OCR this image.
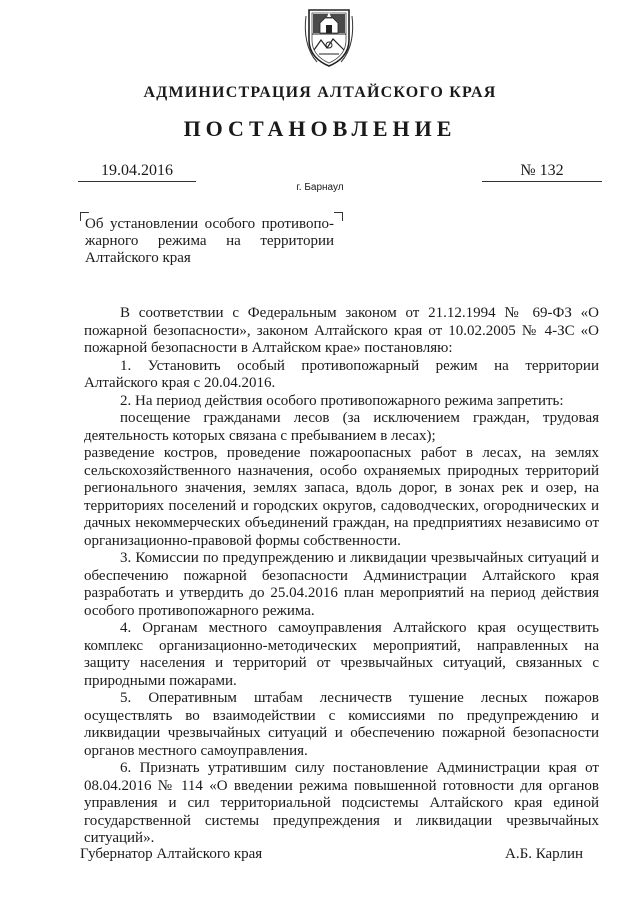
АДМИНИСТРАЦИЯ АЛТАЙСКОГО КРАЯ
ПОСТАНОВЛЕНИЕ
19.04.2016	№ 132
г. Барнаул
Об установлении особого противопо-
жарного режима на территории
Алтайского края

В соответствии с Федеральным законом от 21.12.1994 № 69-ФЗ «О пожарной безопасности», законом Алтайского края от 10.02.2005 № 4-ЗС «О пожарной безопасности в Алтайском крае» постановляю:

1. Установить особый противопожарный режим на территории Алтайского края с 20.04.2016.

2. На период действия особого противопожарного режима запретить:

посещение гражданами лесов (за исключением граждан, трудовая деятельность которых связана с пребыванием в лесах);

разведение костров, проведение пожароопасных работ в лесах, на землях сельскохозяйственного назначения, особо охраняемых природных территорий регионального значения, землях запаса, вдоль дорог, в зонах рек и озер, на территориях поселений и городских округов, садоводческих, огороднических и дачных некоммерческих объединений граждан, на предприятиях независимо от организационно-правовой формы собственности.

3. Комиссии по предупреждению и ликвидации чрезвычайных ситуаций и обеспечению пожарной безопасности Администрации Алтайского края разработать и утвердить до 25.04.2016 план мероприятий на период действия особого противопожарного режима.

4. Органам местного самоуправления Алтайского края осуществить комплекс организационно-методических мероприятий, направленных на защиту населения и территорий от чрезвычайных ситуаций, связанных с природными пожарами.

5. Оперативным штабам лесничеств тушение лесных пожаров осуществлять во взаимодействии с комиссиями по предупреждению и ликвидации чрезвычайных ситуаций и обеспечению пожарной безопасности органов местного самоуправления.

6. Признать утратившим силу постановление Администрации края от 08.04.2016 № 114 «О введении режима повышенной готовности для органов управления и сил территориальной подсистемы Алтайского края единой государственной системы предупреждения и ликвидации чрезвычайных ситуаций».

Губернатор Алтайского края	А.Б. Карлин
